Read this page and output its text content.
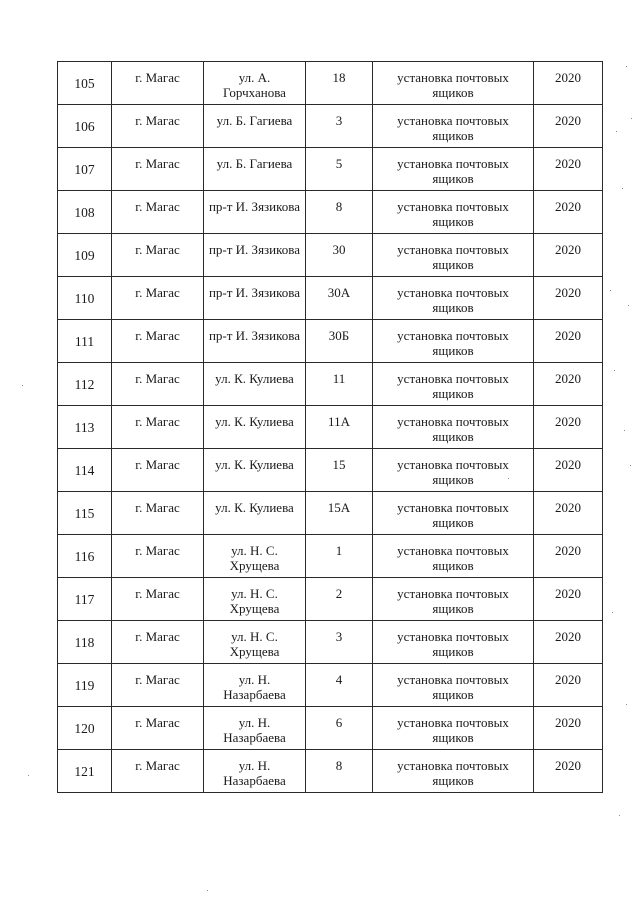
105	г. Магас	ул. А. Горчханова	18	установка почтовых ящиков	2020
106	г. Магас	ул. Б. Гагиева	3	установка почтовых ящиков	2020
107	г. Магас	ул. Б. Гагиева	5	установка почтовых ящиков	2020
108	г. Магас	пр-т И. Зязикова	8	установка почтовых ящиков	2020
109	г. Магас	пр-т И. Зязикова	30	установка почтовых ящиков	2020
110	г. Магас	пр-т И. Зязикова	30А	установка почтовых ящиков	2020
111	г. Магас	пр-т И. Зязикова	30Б	установка почтовых ящиков	2020
112	г. Магас	ул. К. Кулиева	11	установка почтовых ящиков	2020
113	г. Магас	ул. К. Кулиева	11А	установка почтовых ящиков	2020
114	г. Магас	ул. К. Кулиева	15	установка почтовых ящиков	2020
115	г. Магас	ул. К. Кулиева	15А	установка почтовых ящиков	2020
116	г. Магас	ул. Н. С. Хрущева	1	установка почтовых ящиков	2020
117	г. Магас	ул. Н. С. Хрущева	2	установка почтовых ящиков	2020
118	г. Магас	ул. Н. С. Хрущева	3	установка почтовых ящиков	2020
119	г. Магас	ул. Н. Назарбаева	4	установка почтовых ящиков	2020
120	г. Магас	ул. Н. Назарбаева	6	установка почтовых ящиков	2020
121	г. Магас	ул. Н. Назарбаева	8	установка почтовых ящиков	2020
